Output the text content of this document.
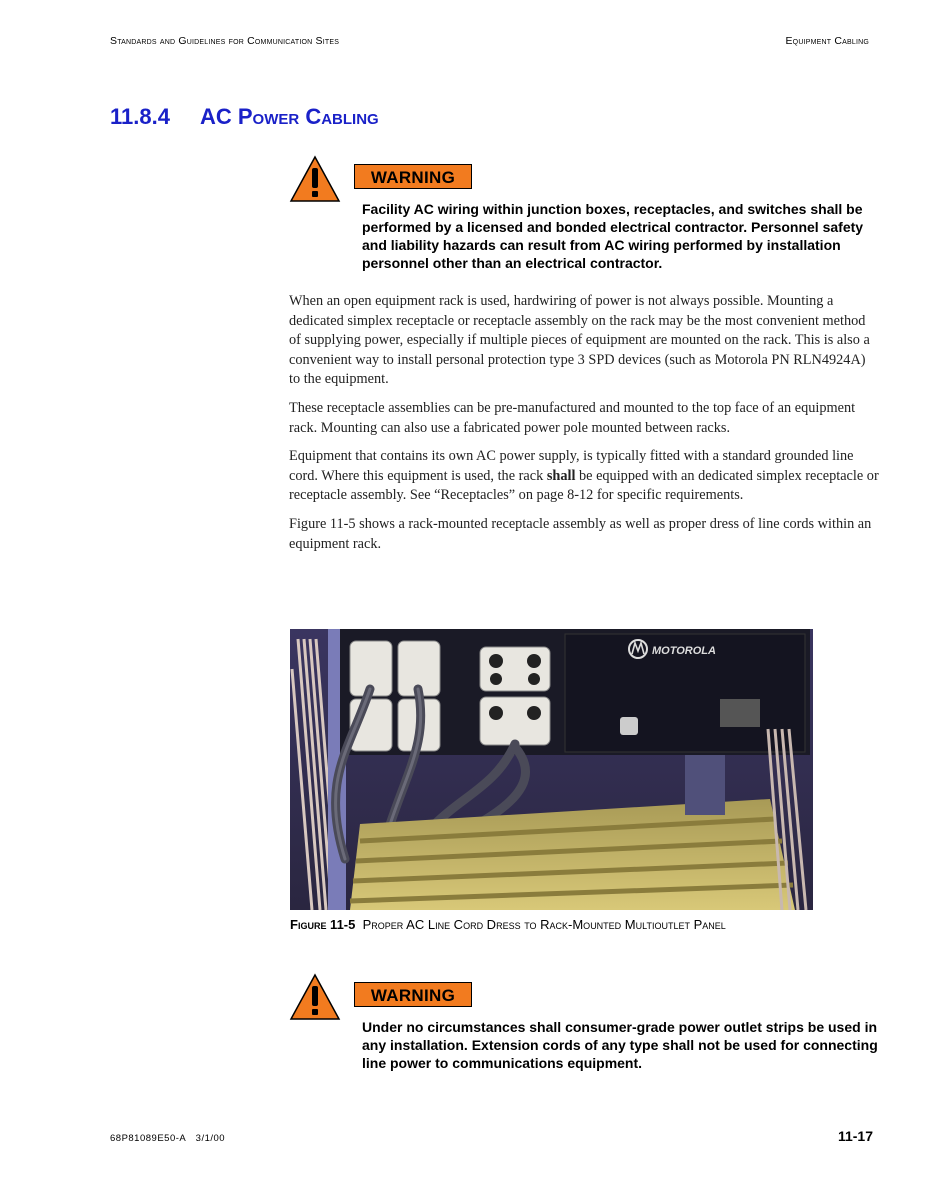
Standards and Guidelines for Communication Sites	Equipment Cabling
11.8.4 AC Power Cabling
WARNING
Facility AC wiring within junction boxes, receptacles, and switches shall be performed by a licensed and bonded electrical contractor. Personnel safety and liability hazards can result from AC wiring performed by installation personnel other than an electrical contractor.

When an open equipment rack is used, hardwiring of power is not always possible. Mounting a dedicated simplex receptacle or receptacle assembly on the rack may be the most convenient method of supplying power, especially if multiple pieces of equipment are mounted on the rack. This is also a convenient way to install personal protection type 3 SPD devices (such as Motorola PN RLN4924A) to the equipment.

These receptacle assemblies can be pre-manufactured and mounted to the top face of an equipment rack. Mounting can also use a fabricated power pole mounted between racks.

Equipment that contains its own AC power supply, is typically fitted with a standard grounded line cord. Where this equipment is used, the rack shall be equipped with an dedicated simplex receptacle or receptacle assembly. See “Receptacles” on page 8-12 for specific requirements.

Figure 11-5 shows a rack-mounted receptacle assembly as well as proper dress of line cords within an equipment rack.

MOTOROLA
Figure 11-5 Proper AC Line Cord Dress to Rack-Mounted Multioutlet Panel
WARNING
Under no circumstances shall consumer-grade power outlet strips be used in any installation. Extension cords of any type shall not be used for connecting line power to communications equipment.
68P81089E50-A 3/1/00	11-17
